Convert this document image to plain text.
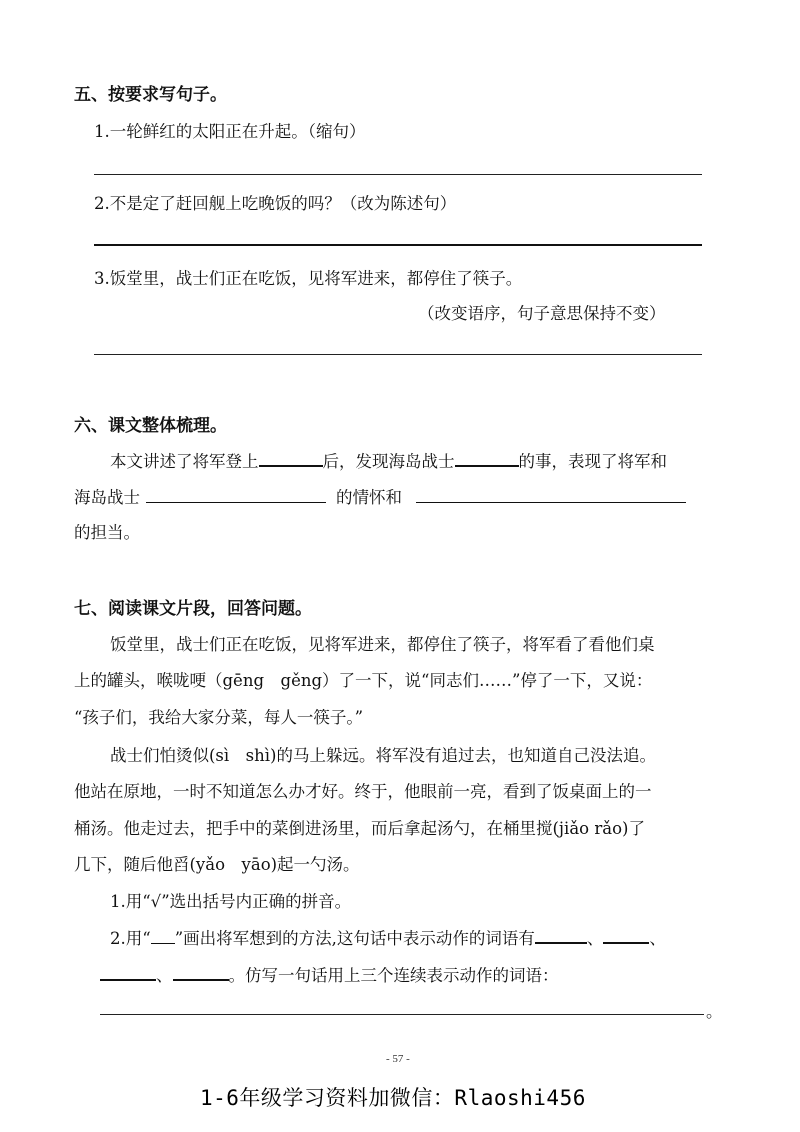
五、按要求写句子。
1.一轮鲜红的太阳正在升起。（缩句）
2.不是定了赶回舰上吃晚饭的吗？（改为陈述句）
3.饭堂里，战士们正在吃饭，见将军进来，都停住了筷子。
（改变语序，句子意思保持不变）
六、课文整体梳理。
本文讲述了将军登上	后，发现海岛战士	的事，表现了将军和
海岛战士	的情怀和
的担当。
七、阅读课文片段，回答问题。
饭堂里，战士们正在吃饭，见将军进来，都停住了筷子，将军看了看他们桌
上的罐头，喉咙哽（gēng　gěng）了一下，说“同志们……”停了一下，又说：
“孩子们，我给大家分菜，每人一筷子。”
战士们怕烫似(sì　shì)的马上躲远。将军没有追过去，也知道自己没法追。
他站在原地，一时不知道怎么办才好。终于，他眼前一亮，看到了饭桌面上的一
桶汤。他走过去，把手中的菜倒进汤里，而后拿起汤勺，在桶里搅(jiǎo rǎo)了
几下，随后他舀(yǎo　yāo)起一勺汤。
1.用“√”选出括号内正确的拼音。
2.用“ ”画出将军想到的方法,这句话中表示动作的词语有	、	、
、	。仿写一句话用上三个连续表示动作的词语：
。
- 57 -
1-6年级学习资料加微信：Rlaoshi456
